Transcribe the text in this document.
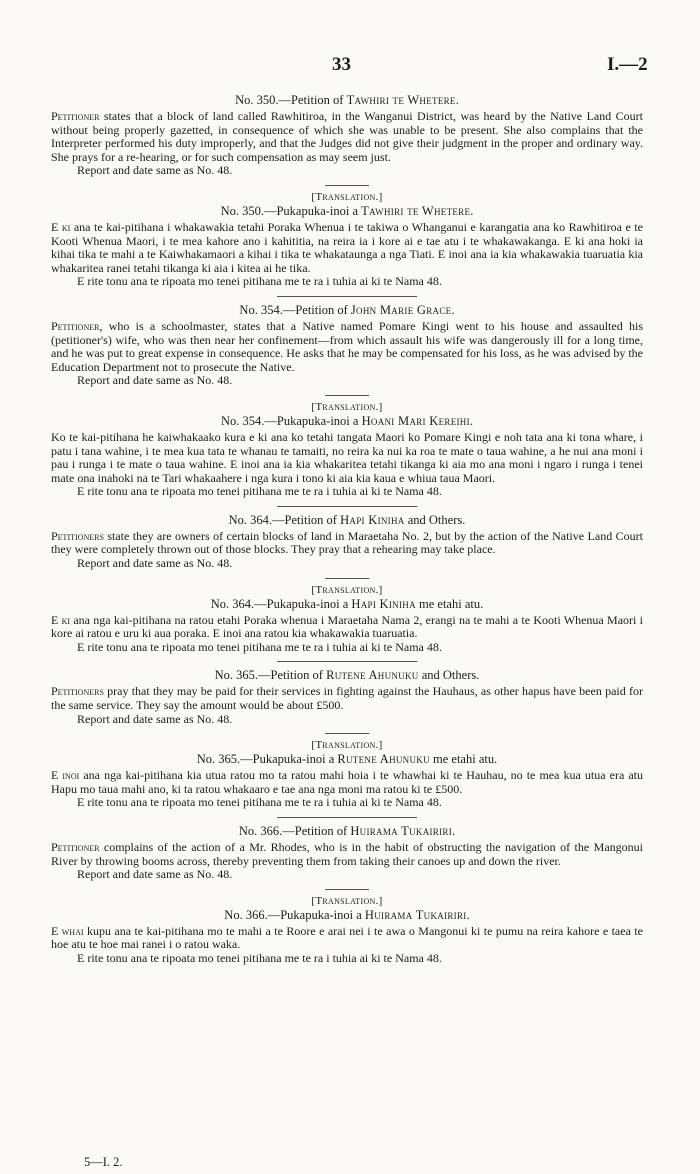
33	I.—2

No. 350.—Petition of Tawhiri te Whetere.

Petitioner states that a block of land called Rawhitiroa, in the Wanganui District, was heard by the Native Land Court without being properly gazetted, in consequence of which she was unable to be present. She also complains that the Interpreter performed his duty improperly, and that the Judges did not give their judgment in the proper and ordinary way. She prays for a re-hearing, or for such compensation as may seem just.

Report and date same as No. 48.

[Translation.]

No. 350.—Pukapuka-inoi a Tawhiri te Whetere.

E ki ana te kai-pitihana i whakawakia tetahi Poraka Whenua i te takiwa o Whanganui e karangatia ana ko Rawhitiroa e te Kooti Whenua Maori, i te mea kahore ano i kahititia, na reira ia i kore ai e tae atu i te whakawakanga. E ki ana hoki ia kihai tika te mahi a te Kaiwhakamaori a kihai i tika te whakataunga a nga Tiati. E inoi ana ia kia whakawakia tuaruatia kia whakaritea ranei tetahi tikanga ki aia i kitea ai he tika.

E rite tonu ana te ripoata mo tenei pitihana me te ra i tuhia ai ki te Nama 48.

No. 354.—Petition of John Marie Grace.

Petitioner, who is a schoolmaster, states that a Native named Pomare Kingi went to his house and assaulted his (petitioner's) wife, who was then near her confinement—from which assault his wife was dangerously ill for a long time, and he was put to great expense in consequence. He asks that he may be compensated for his loss, as he was advised by the Education Department not to prosecute the Native.

Report and date same as No. 48.

[Translation.]

No. 354.—Pukapuka-inoi a Hoani Mari Kereihi.

Ko te kai-pitihana he kaiwhakaako kura e ki ana ko tetahi tangata Maori ko Pomare Kingi e noh tata ana ki tona whare, i patu i tana wahine, i te mea kua tata te whanau te tamaiti, no reira ka nui ka roa te mate o taua wahine, a he nui ana moni i pau i runga i te mate o taua wahine. E inoi ana ia kia whakaritea tetahi tikanga ki aia mo ana moni i ngaro i runga i tenei mate ona inahoki na te Tari whakaahere i nga kura i tono ki aia kia kaua e whiua taua Maori.

E rite tonu ana te ripoata mo tenei pitihana me te ra i tuhia ai ki te Nama 48.

No. 364.—Petition of Hapi Kiniha and Others.

Petitioners state they are owners of certain blocks of land in Maraetaha No. 2, but by the action of the Native Land Court they were completely thrown out of those blocks. They pray that a rehearing may take place.

Report and date same as No. 48.

[Translation.]

No. 364.—Pukapuka-inoi a Hapi Kiniha me etahi atu.

E ki ana nga kai-pitihana na ratou etahi Poraka whenua i Maraetaha Nama 2, erangi na te mahi a te Kooti Whenua Maori i kore ai ratou e uru ki aua poraka. E inoi ana ratou kia whakawakia tuaruatia.

E rite tonu ana te ripoata mo tenei pitihana me te ra i tuhia ai ki te Nama 48.

No. 365.—Petition of Rutene Ahunuku and Others.

Petitioners pray that they may be paid for their services in fighting against the Hauhaus, as other hapus have been paid for the same service. They say the amount would be about £500.

Report and date same as No. 48.

[Translation.]

No. 365.—Pukapuka-inoi a Rutene Ahunuku me etahi atu.

E inoi ana nga kai-pitihana kia utua ratou mo ta ratou mahi hoia i te whawhai ki te Hauhau, no te mea kua utua era atu Hapu mo taua mahi ano, ki ta ratou whakaaro e tae ana nga moni ma ratou ki te £500.

E rite tonu ana te ripoata mo tenei pitihana me te ra i tuhia ai ki te Nama 48.

No. 366.—Petition of Huirama Tukairiri.

Petitioner complains of the action of a Mr. Rhodes, who is in the habit of obstructing the navigation of the Mangonui River by throwing booms across, thereby preventing them from taking their canoes up and down the river.

Report and date same as No. 48.

[Translation.]

No. 366.—Pukapuka-inoi a Huirama Tukairiri.

E whai kupu ana te kai-pitihana mo te mahi a te Roore e arai nei i te awa o Mangonui ki te pumu na reira kahore e taea te hoe atu te hoe mai ranei i o ratou waka.

E rite tonu ana te ripoata mo tenei pitihana me te ra i tuhia ai ki te Nama 48.

5—I. 2.
